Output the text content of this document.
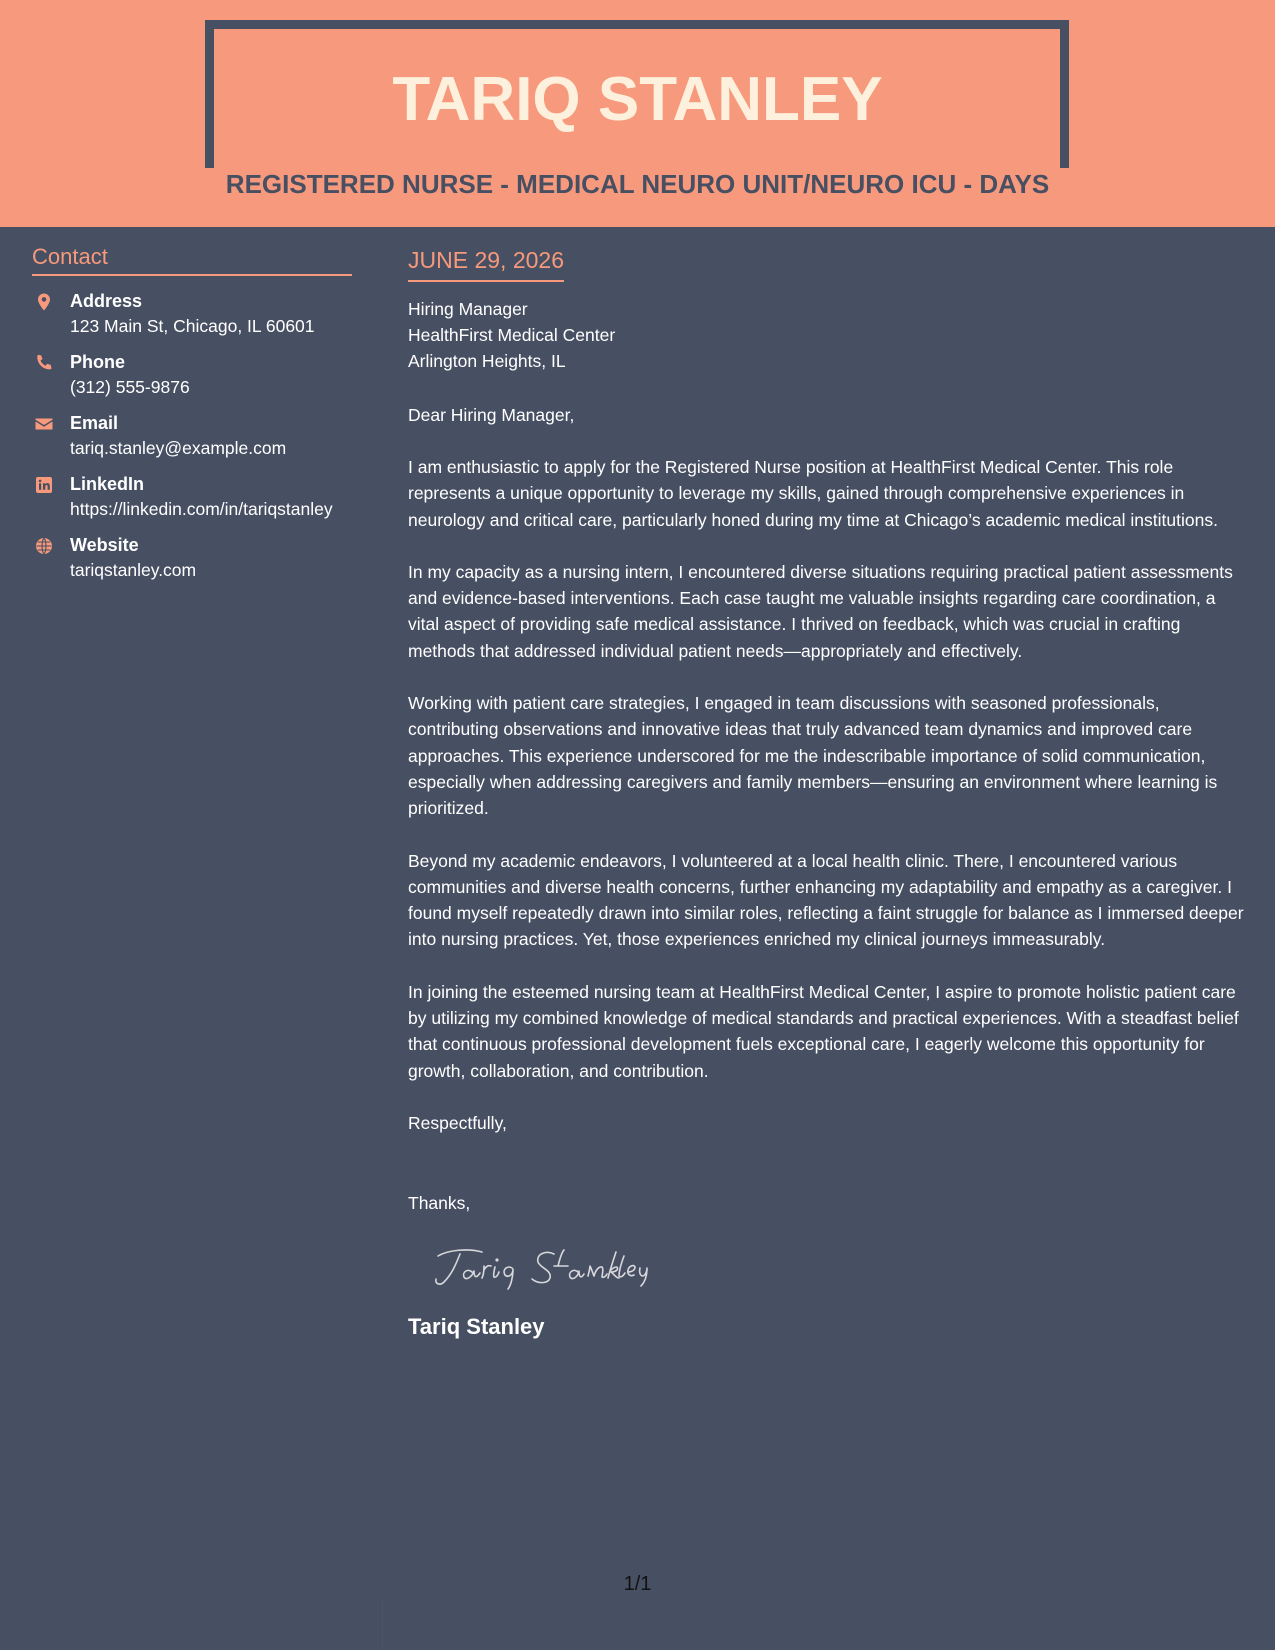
TARIQ STANLEY
REGISTERED NURSE - MEDICAL NEURO UNIT/NEURO ICU - DAYS
Contact
Address
123 Main St, Chicago, IL 60601
Phone
(312) 555-9876
Email
tariq.stanley@example.com
LinkedIn
https://linkedin.com/in/tariqstanley
Website
tariqstanley.com
JUNE 29, 2026
Hiring Manager
HealthFirst Medical Center
Arlington Heights, IL
Dear Hiring Manager,
I am enthusiastic to apply for the Registered Nurse position at HealthFirst Medical Center. This role represents a unique opportunity to leverage my skills, gained through comprehensive experiences in neurology and critical care, particularly honed during my time at Chicago’s academic medical institutions.
In my capacity as a nursing intern, I encountered diverse situations requiring practical patient assessments and evidence-based interventions. Each case taught me valuable insights regarding care coordination, a vital aspect of providing safe medical assistance. I thrived on feedback, which was crucial in crafting methods that addressed individual patient needs—appropriately and effectively.
Working with patient care strategies, I engaged in team discussions with seasoned professionals, contributing observations and innovative ideas that truly advanced team dynamics and improved care approaches. This experience underscored for me the indescribable importance of solid communication, especially when addressing caregivers and family members—ensuring an environment where learning is prioritized.
Beyond my academic endeavors, I volunteered at a local health clinic. There, I encountered various communities and diverse health concerns, further enhancing my adaptability and empathy as a caregiver. I found myself repeatedly drawn into similar roles, reflecting a faint struggle for balance as I immersed deeper into nursing practices. Yet, those experiences enriched my clinical journeys immeasurably.
In joining the esteemed nursing team at HealthFirst Medical Center, I aspire to promote holistic patient care by utilizing my combined knowledge of medical standards and practical experiences. With a steadfast belief that continuous professional development fuels exceptional care, I eagerly welcome this opportunity for growth, collaboration, and contribution.
Respectfully,
Thanks,
Tariq Stanley
1/1
